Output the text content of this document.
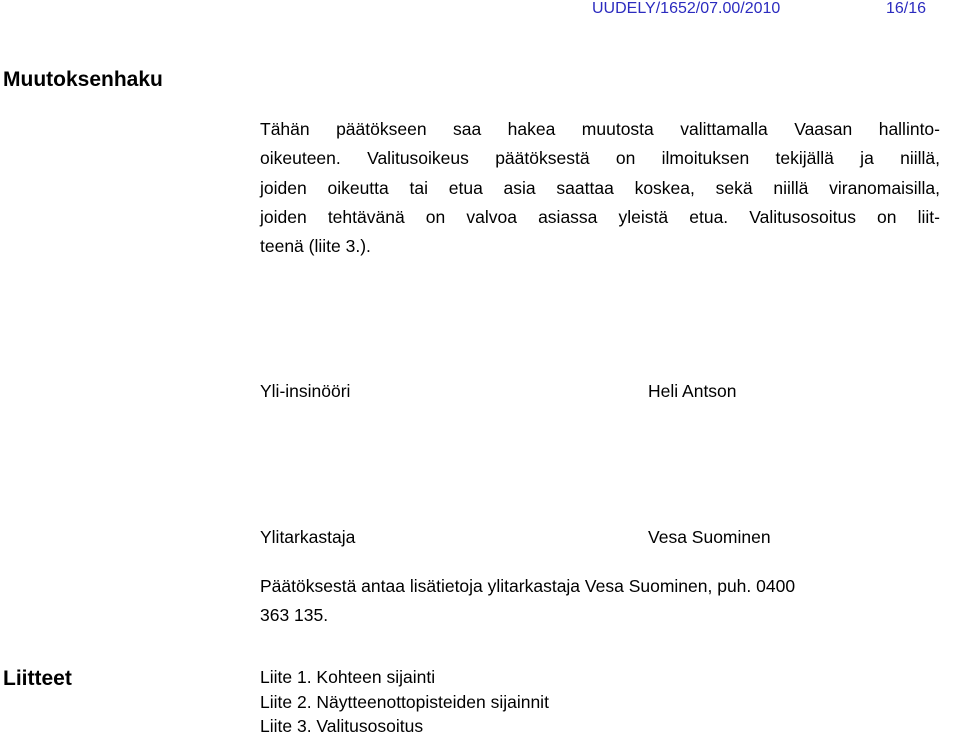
UUDELY/1652/07.00/2010	16/16
Muutoksenhaku

Tähän päätökseen saa hakea muutosta valittamalla Vaasan hallinto-
oikeuteen. Valitusoikeus päätöksestä on ilmoituksen tekijällä ja niillä,
joiden oikeutta tai etua asia saattaa koskea, sekä niillä viranomaisilla,
joiden tehtävänä on valvoa asiassa yleistä etua. Valitusosoitus on liit-
teenä (liite 3.).

Yli-insinööri	Heli Antson
Ylitarkastaja	Vesa Suominen

Päätöksestä antaa lisätietoja ylitarkastaja Vesa Suominen, puh. 0400
363 135.

Liitteet	Liite 1. Kohteen sijainti
Liite 2. Näytteenottopisteiden sijainnit
Liite 3. Valitusosoitus
